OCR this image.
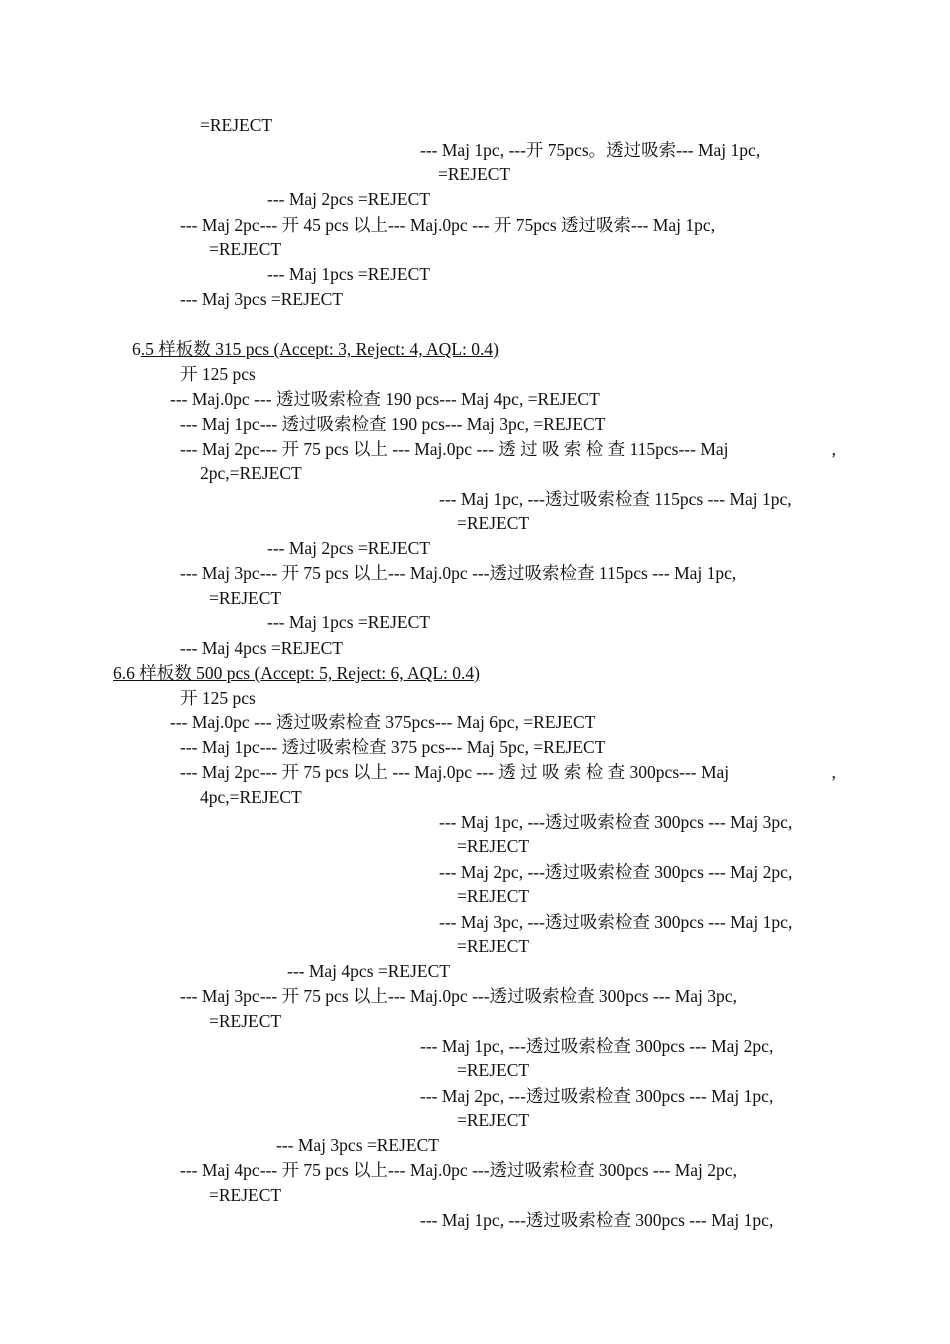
=REJECT
--- Maj 1pc, ---开 75pcs。透过吸索--- Maj 1pc,
=REJECT
--- Maj 2pcs =REJECT
--- Maj 2pc--- 开 45 pcs 以上--- Maj.0pc --- 开 75pcs 透过吸索--- Maj 1pc,
=REJECT
--- Maj 1pcs =REJECT
--- Maj 3pcs =REJECT
6.5 样板数 315 pcs (Accept: 3, Reject: 4, AQL: 0.4)
开 125 pcs
--- Maj.0pc --- 透过吸索检查 190 pcs--- Maj 4pc, =REJECT
--- Maj 1pc--- 透过吸索检查 190 pcs--- Maj 3pc, =REJECT
--- Maj 2pc--- 开 75 pcs 以上 --- Maj.0pc --- 透 过 吸 索 检 查 115pcs--- Maj	,
2pc,=REJECT
--- Maj 1pc, ---透过吸索检查 115pcs --- Maj 1pc,
=REJECT
--- Maj 2pcs =REJECT
--- Maj 3pc--- 开 75 pcs 以上--- Maj.0pc ---透过吸索检查 115pcs --- Maj 1pc,
=REJECT
--- Maj 1pcs =REJECT
--- Maj 4pcs =REJECT
6.6 样板数 500 pcs (Accept: 5, Reject: 6, AQL: 0.4)
开 125 pcs
--- Maj.0pc --- 透过吸索检查 375pcs--- Maj 6pc, =REJECT
--- Maj 1pc--- 透过吸索检查 375 pcs--- Maj 5pc, =REJECT
--- Maj 2pc--- 开 75 pcs 以上 --- Maj.0pc --- 透 过 吸 索 检 查 300pcs--- Maj	,
4pc,=REJECT
--- Maj 1pc, ---透过吸索检查 300pcs --- Maj 3pc,
=REJECT
--- Maj 2pc, ---透过吸索检查 300pcs --- Maj 2pc,
=REJECT
--- Maj 3pc, ---透过吸索检查 300pcs --- Maj 1pc,
=REJECT
--- Maj 4pcs =REJECT
--- Maj 3pc--- 开 75 pcs 以上--- Maj.0pc ---透过吸索检查 300pcs --- Maj 3pc,
=REJECT
--- Maj 1pc, ---透过吸索检查 300pcs --- Maj 2pc,
=REJECT
--- Maj 2pc, ---透过吸索检查 300pcs --- Maj 1pc,
=REJECT
--- Maj 3pcs =REJECT
--- Maj 4pc--- 开 75 pcs 以上--- Maj.0pc ---透过吸索检查 300pcs --- Maj 2pc,
=REJECT
--- Maj 1pc, ---透过吸索检查 300pcs --- Maj 1pc,
